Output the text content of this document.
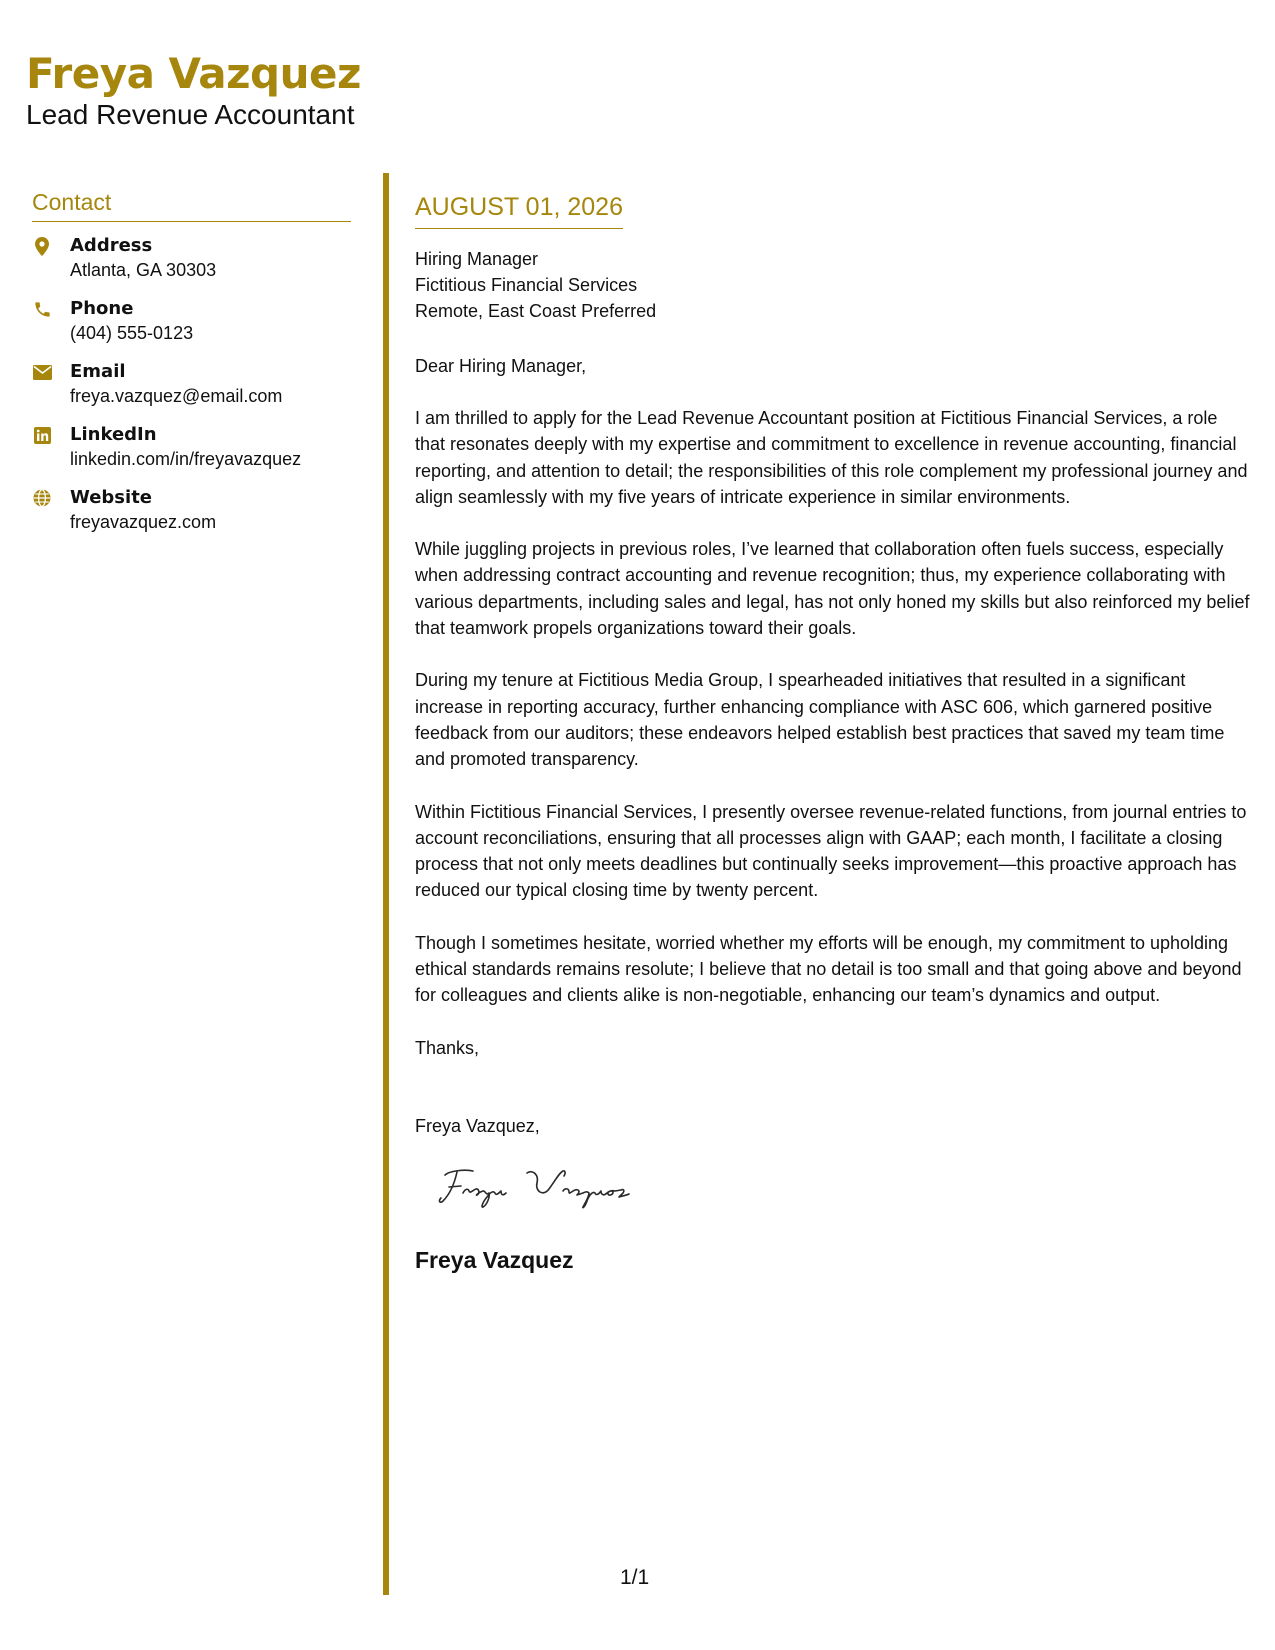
Freya Vazquez
Lead Revenue Accountant
Contact
Address
Atlanta, GA 30303
Phone
(404) 555-0123
Email
freya.vazquez@email.com
LinkedIn
linkedin.com/in/freyavazquez
Website
freyavazquez.com
AUGUST 01, 2026
Hiring Manager
Fictitious Financial Services
Remote, East Coast Preferred
Dear Hiring Manager,
I am thrilled to apply for the Lead Revenue Accountant position at Fictitious Financial Services, a role that resonates deeply with my expertise and commitment to excellence in revenue accounting, financial reporting, and attention to detail; the responsibilities of this role complement my professional journey and align seamlessly with my five years of intricate experience in similar environments.
While juggling projects in previous roles, I’ve learned that collaboration often fuels success, especially when addressing contract accounting and revenue recognition; thus, my experience collaborating with various departments, including sales and legal, has not only honed my skills but also reinforced my belief that teamwork propels organizations toward their goals.
During my tenure at Fictitious Media Group, I spearheaded initiatives that resulted in a significant increase in reporting accuracy, further enhancing compliance with ASC 606, which garnered positive feedback from our auditors; these endeavors helped establish best practices that saved my team time and promoted transparency.
Within Fictitious Financial Services, I presently oversee revenue-related functions, from journal entries to account reconciliations, ensuring that all processes align with GAAP; each month, I facilitate a closing process that not only meets deadlines but continually seeks improvement—this proactive approach has reduced our typical closing time by twenty percent.
Though I sometimes hesitate, worried whether my efforts will be enough, my commitment to upholding ethical standards remains resolute; I believe that no detail is too small and that going above and beyond for colleagues and clients alike is non-negotiable, enhancing our team’s dynamics and output.
Thanks,
Freya Vazquez,
Freya Vazquez
1/1
